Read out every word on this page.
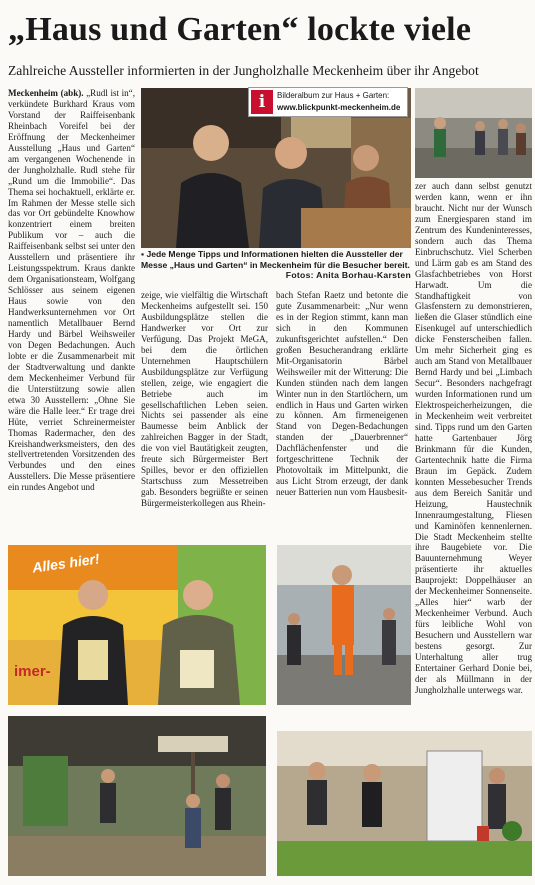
„Haus und Garten“ lockte viele
Zahlreiche Aussteller informierten in der Jungholzhalle Meckenheim über ihr Angebot
Meckenheim (abk). „Rudl ist in“, verkündete Burkhard Kraus vom Vorstand der Raiffeisenbank Rheinbach Voreifel bei der Eröffnung der Meckenheimer Ausstellung „Haus und Garten“ am vergangenen Wochenende in der Jungholzhalle. Rudl stehe für „Rund um die Immobilie“. Das Thema sei hochaktuell, erklärte er. Im Rahmen der Messe stelle sich das vor Ort gebündelte Knowhow konzentriert einem breiten Publikum vor – auch die Raiffeisenbank selbst sei unter den Ausstellern und präsentiere ihr Leistungsspektrum. Kraus dankte dem Organisationsteam, Wolfgang Schlösser aus seinem eigenen Haus sowie von den Handwerksunternehmen vor Ort namentlich Metallbauer Bernd Hardy und Bärbel Weihsweiler von Degen Bedachungen. Auch lobte er die Zusammenarbeit mit der Stadtverwaltung und dankte dem Meckenheimer Verbund für die Unterstützung sowie allen etwa 30 Ausstellern: „Ohne Sie wäre die Halle leer.“ Er trage drei Hüte, verriet Schreinermeister Thomas Radermacher, den des Kreishandwerksmeisters, den des stellvertretenden Vorsitzenden des Verbundes und den eines Ausstellers. Die Messe präsentiere ein rundes Angebot und
i	Bilderalbum zur Haus + Garten:
www.blickpunkt-meckenheim.de
▪ Jede Menge Tipps und Informationen hielten die Aussteller der Messe „Haus und Garten“ in Meckenheim für die Besucher bereit.
Fotos: Anita Borhau-Karsten
zeige, wie vielfältig die Wirtschaft Meckenheims aufgestellt sei. 150 Ausbildungsplätze stellen die Handwerker vor Ort zur Verfügung. Das Projekt MeGA, bei dem die örtlichen Unternehmen Hauptschülern Ausbildungsplätze zur Verfügung stellen, zeige, wie engagiert die Betriebe auch im gesellschaftlichen Leben seien. Nichts sei passender als eine Baumesse beim Anblick der zahlreichen Bagger in der Stadt, die von viel Bautätigkeit zeugten, freute sich Bürgermeister Bert Spilles, bevor er den offiziellen Startschuss zum Messetreiben gab. Besonders begrüßte er seinen Bürgermeisterkollegen aus Rhein-
bach Stefan Raetz und betonte die gute Zusammenarbeit: „Nur wenn es in der Region stimmt, kann man sich in den Kommunen zukunftsgerichtet aufstellen.“ Den großen Besucherandrang erklärte Mit-Organisatorin Bärbel Weihsweiler mit der Witterung: Die Kunden stünden nach dem langen Winter nun in den Startlöchern, um endlich in Haus und Garten wirken zu können. Am firmeneigenen Stand von Degen-Bedachungen standen der „Dauerbrenner“ Dachflächenfenster und die fortgeschrittene Technik der Photovoltaik im Mittelpunkt, die aus Licht Strom erzeugt, der dank neuer Batterien nun vom Hausbesit-
zer auch dann selbst genutzt werden kann, wenn er ihn braucht. Nicht nur der Wunsch zum Energiesparen stand im Zentrum des Kundeninteresses, sondern auch das Thema Einbruchschutz. Viel Scherben und Lärm gab es am Stand des Glasfachbetriebes von Horst Harwadt. Um die Standhaftigkeit von Glasfenstern zu demonstrieren, ließen die Glaser stündlich eine Eisenkugel auf unterschiedlich dicke Fensterscheiben fallen. Um mehr Sicherheit ging es auch am Stand von Metallbauer Bernd Hardy und bei „Limbach Secur“. Besonders nachgefragt wurden Informationen rund um Elektrospeicherheizungen, die in Meckenheim weit verbreitet sind. Tipps rund um den Garten hatte Gartenbauer Jörg Brinkmann für die Kunden, Gartentechnik hatte die Firma Braun im Gepäck. Zudem konnten Messebesucher Trends aus dem Bereich Sanitär und Heizung, Haustechnik Innenraumgestaltung, Fliesen und Kaminöfen kennenlernen. Die Stadt Meckenheim stellte ihre Baugebiete vor. Die Bauunternehmung Weyer präsentierte ihr aktuelles Bauprojekt: Doppelhäuser an der Meckenheimer Sonnenseite. „Alles hier“ warb der Meckenheimer Verbund. Auch fürs leibliche Wohl von Besuchern und Ausstellern war bestens gesorgt. Zur Unterhaltung aller trug Entertainer Gerhard Donie bei, der als Müllmann in der Jungholzhalle unterwegs war.
Alles hier!
imer-
